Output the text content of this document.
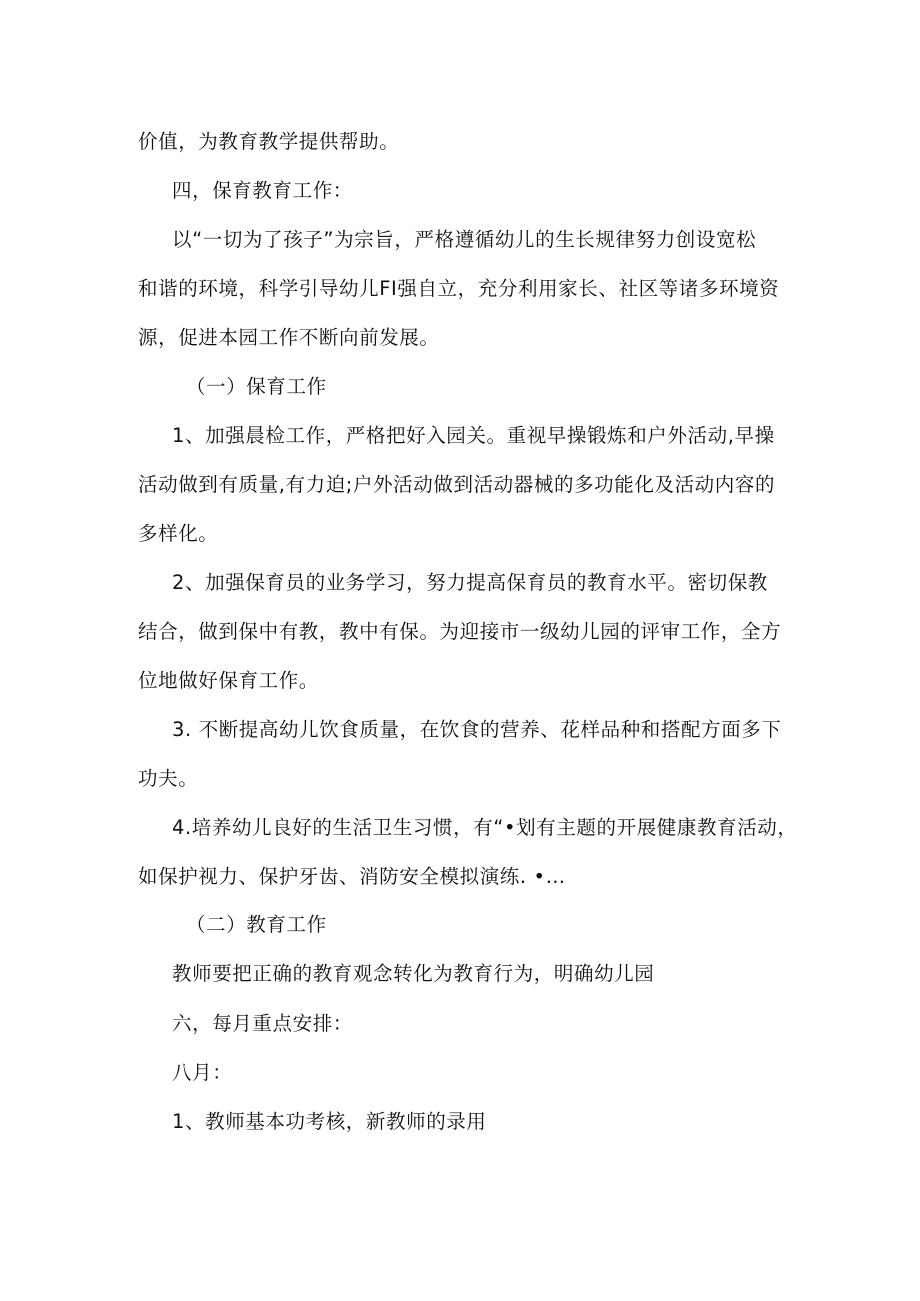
价值，为教育教学提供帮助。
四，保育教育工作：
以“一切为了孩子”为宗旨，严格遵循幼儿的生长规律努力创设宽松
和谐的环境，科学引导幼儿FI强自立，充分利用家长、社区等诸多环境资
源，促进本园工作不断向前发展。
（一）保育工作
1、加强晨检工作，严格把好入园关。重视早操锻炼和户外活动,早操
活动做到有质量,有力迫;户外活动做到活动器械的多功能化及活动内容的
多样化。
2、加强保育员的业务学习，努力提高保育员的教育水平。密切保教
结合，做到保中有教，教中有保。为迎接市一级幼儿园的评审工作，全方
位地做好保育工作。
3. 不断提高幼儿饮食质量，在饮食的营养、花样品种和搭配方面多下
功夫。
4.培养幼儿良好的生活卫生习惯，有“•划有主题的开展健康教育活动，
如保护视力、保护牙齿、消防安全模拟演练. •…
（二）教育工作
教师要把正确的教育观念转化为教育行为，明确幼儿园
六，每月重点安排：
八月：
1、教师基本功考核，新教师的录用
